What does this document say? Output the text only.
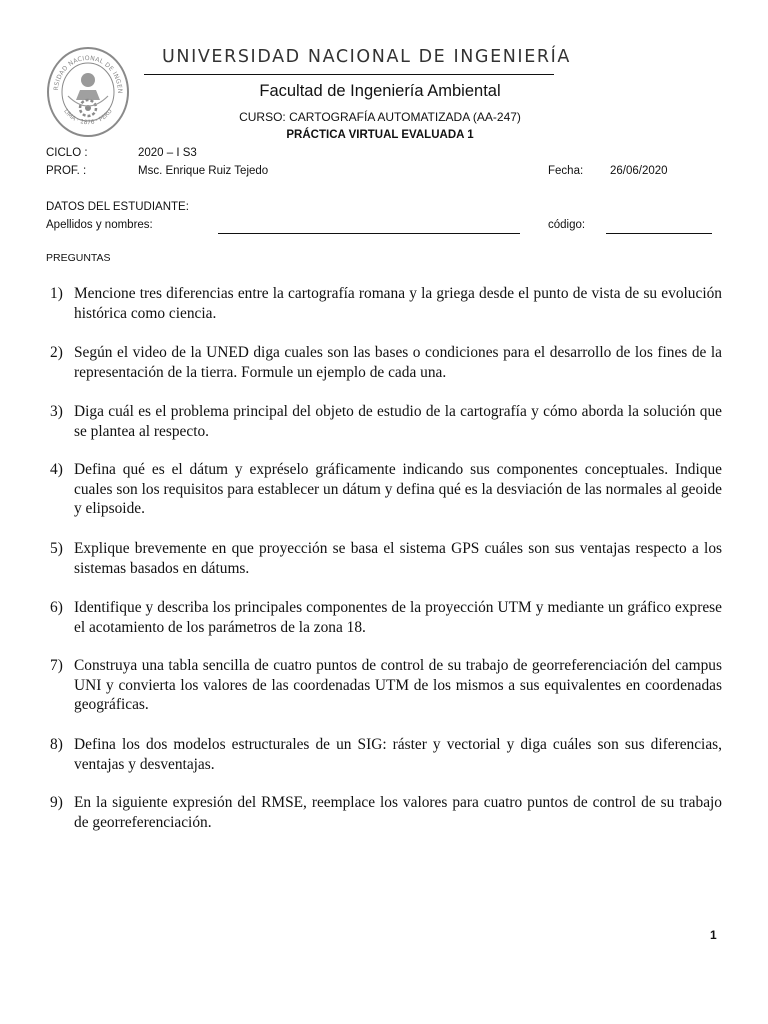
RSIDAD NACIONAL DE INGEN
LIMA · 1876 · PERU
UNIVERSIDAD NACIONAL DE INGENIERÍA
Facultad de Ingeniería Ambiental
CURSO: CARTOGRAFÍA AUTOMATIZADA (AA-247)
PRÁCTICA VIRTUAL EVALUADA 1
CICLO :	2020 – I S3
PROF. :	Msc. Enrique Ruiz Tejedo	Fecha: 26/06/2020
DATOS DEL ESTUDIANTE:
Apellidos y nombres:	código:
PREGUNTAS
1) Mencione tres diferencias entre la cartografía romana y la griega desde el punto de vista de su evolución histórica como ciencia.
2) Según el video de la UNED diga cuales son las bases o condiciones para el desarrollo de los fines de la representación de la tierra. Formule un ejemplo de cada una.
3) Diga cuál es el problema principal del objeto de estudio de la cartografía y cómo aborda la solución que se plantea al respecto.
4) Defina qué es el dátum y expréselo gráficamente indicando sus componentes conceptuales. Indique cuales son los requisitos para establecer un dátum y defina qué es la desviación de las normales al geoide y elipsoide.
5) Explique brevemente en que proyección se basa el sistema GPS cuáles son sus ventajas respecto a los sistemas basados en dátums.
6) Identifique y describa los principales componentes de la proyección UTM y mediante un gráfico exprese el acotamiento de los parámetros de la zona 18.
7) Construya una tabla sencilla de cuatro puntos de control de su trabajo de georreferenciación del campus UNI y convierta los valores de las coordenadas UTM de los mismos a sus equivalentes en coordenadas geográficas.
8) Defina los dos modelos estructurales de un SIG: ráster y vectorial y diga cuáles son sus diferencias, ventajas y desventajas.
9) En la siguiente expresión del RMSE, reemplace los valores para cuatro puntos de control de su trabajo de georreferenciación.
1
